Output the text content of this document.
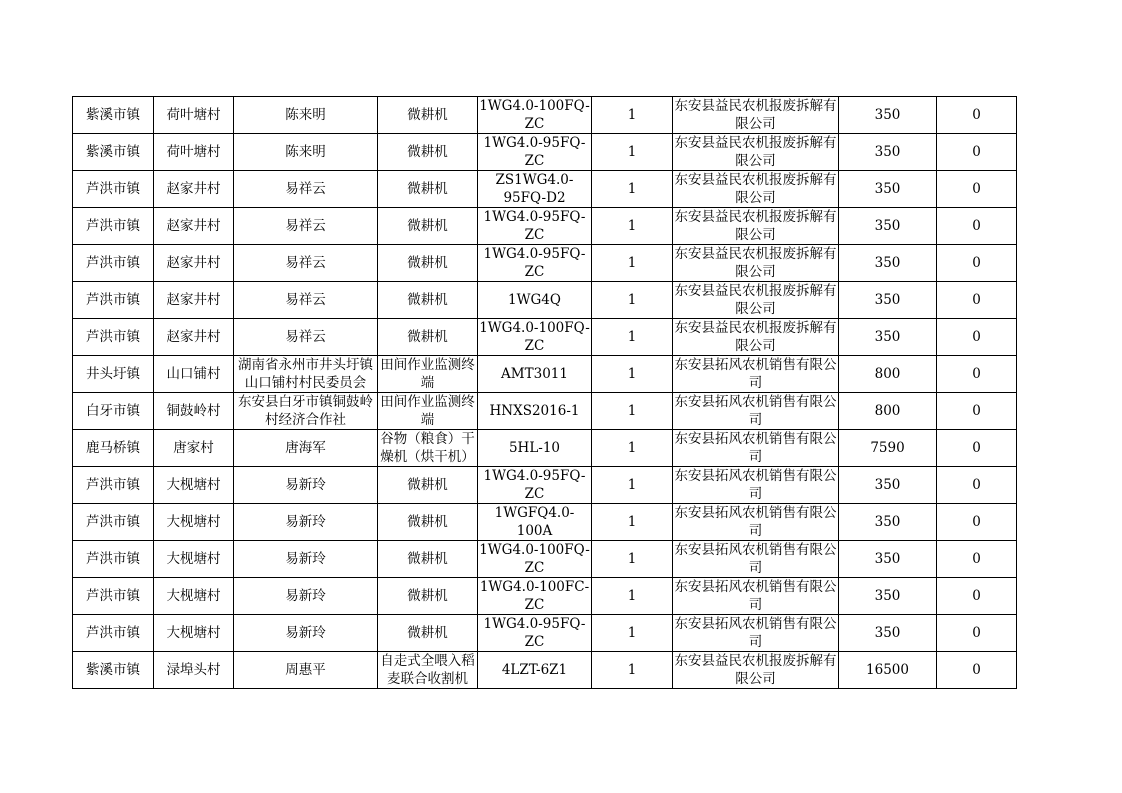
紫溪市镇	荷叶塘村	陈来明	微耕机	1WG4.0-100FQ-ZC	1	东安县益民农机报废拆解有限公司	350	0

紫溪市镇	荷叶塘村	陈来明	微耕机	1WG4.0-95FQ-ZC	1	东安县益民农机报废拆解有限公司	350	0

芦洪市镇	赵家井村	易祥云	微耕机	ZS1WG4.0-95FQ-D2	1	东安县益民农机报废拆解有限公司	350	0

芦洪市镇	赵家井村	易祥云	微耕机	1WG4.0-95FQ-ZC	1	东安县益民农机报废拆解有限公司	350	0

芦洪市镇	赵家井村	易祥云	微耕机	1WG4.0-95FQ-ZC	1	东安县益民农机报废拆解有限公司	350	0

芦洪市镇	赵家井村	易祥云	微耕机	1WG4Q	1	东安县益民农机报废拆解有限公司	350	0

芦洪市镇	赵家井村	易祥云	微耕机	1WG4.0-100FQ-ZC	1	东安县益民农机报废拆解有限公司	350	0

井头圩镇	山口铺村	湖南省永州市井头圩镇山口铺村村民委员会	田间作业监测终端	AMT3011	1	东安县拓风农机销售有限公司	800	0

白牙市镇	铜鼓岭村	东安县白牙市镇铜鼓岭村经济合作社	田间作业监测终端	HNXS2016-1	1	东安县拓风农机销售有限公司	800	0

鹿马桥镇	唐家村	唐海军	谷物（粮食）干燥机（烘干机）	5HL-10	1	东安县拓风农机销售有限公司	7590	0

芦洪市镇	大枧塘村	易新玲	微耕机	1WG4.0-95FQ-ZC	1	东安县拓风农机销售有限公司	350	0

芦洪市镇	大枧塘村	易新玲	微耕机	1WGFQ4.0-100A	1	东安县拓风农机销售有限公司	350	0

芦洪市镇	大枧塘村	易新玲	微耕机	1WG4.0-100FQ-ZC	1	东安县拓风农机销售有限公司	350	0

芦洪市镇	大枧塘村	易新玲	微耕机	1WG4.0-100FC-ZC	1	东安县拓风农机销售有限公司	350	0

芦洪市镇	大枧塘村	易新玲	微耕机	1WG4.0-95FQ-ZC	1	东安县拓风农机销售有限公司	350	0

紫溪市镇	渌埠头村	周惠平	自走式全喂入稻麦联合收割机	4LZT-6Z1	1	东安县益民农机报废拆解有限公司	16500	0
